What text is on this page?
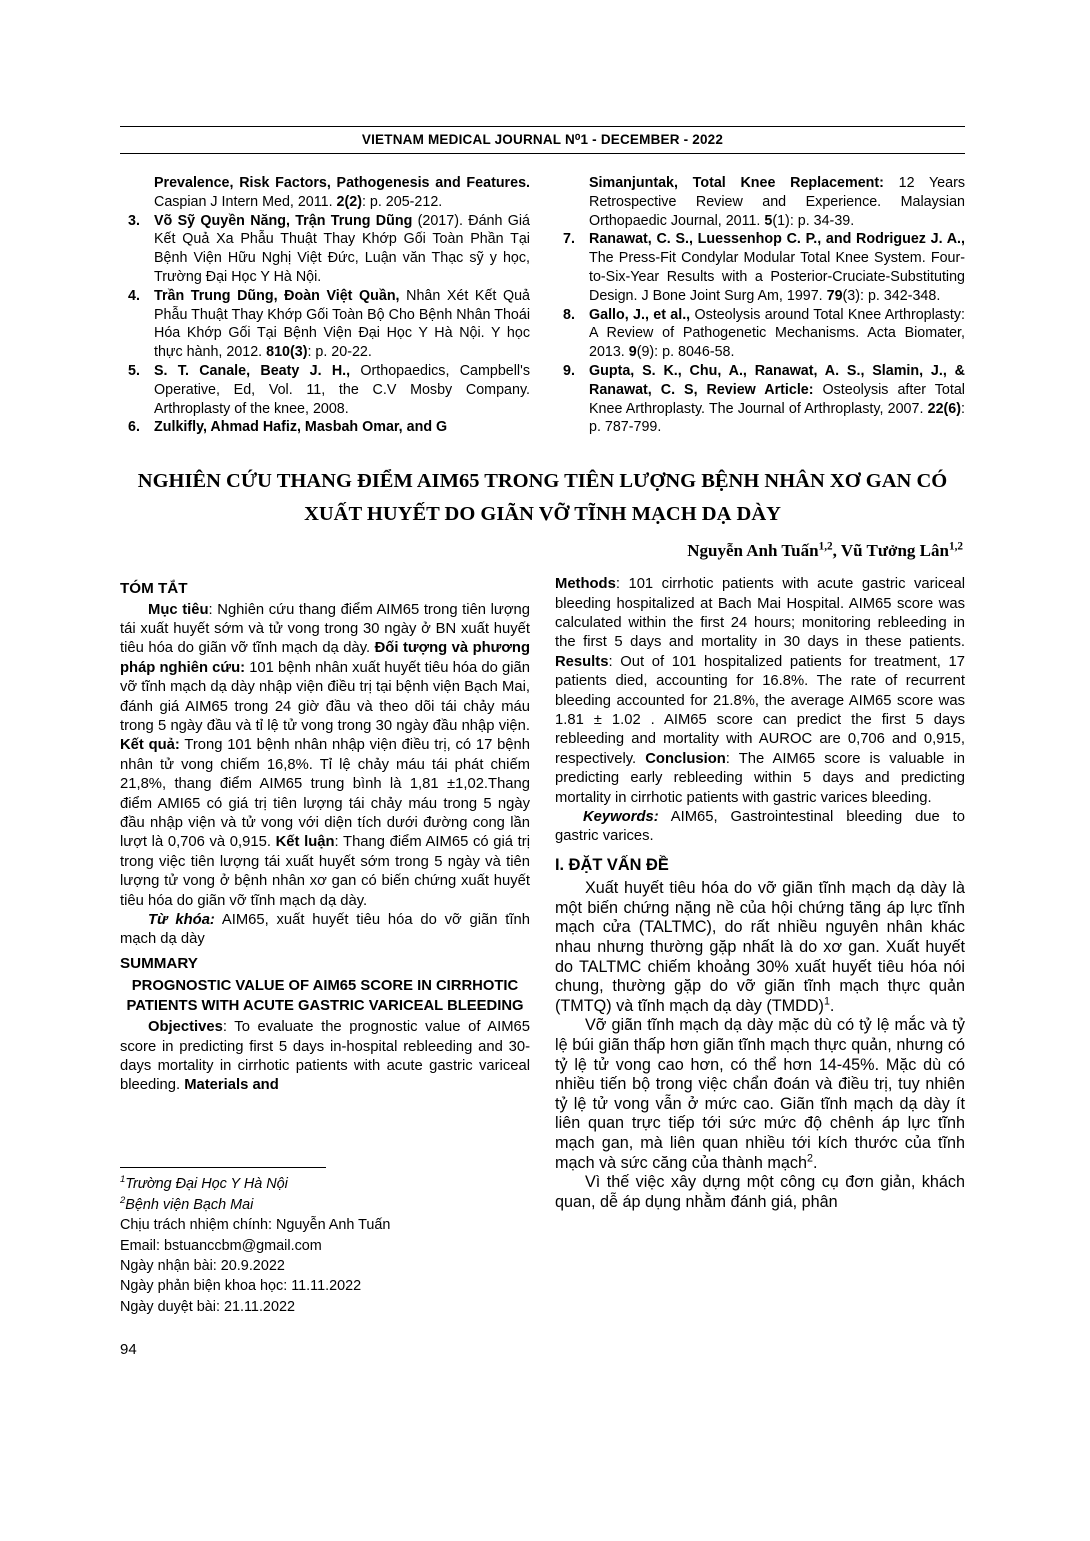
VIETNAM MEDICAL JOURNAL N⁰1 - DECEMBER - 2022
Prevalence, Risk Factors, Pathogenesis and Features. Caspian J Intern Med, 2011. 2(2): p. 205-212.
3. Võ Sỹ Quyền Năng, Trận Trung Dũng (2017). Đánh Giá Kết Quả Xa Phẫu Thuật Thay Khớp Gối Toàn Phần Tại Bệnh Viện Hữu Nghị Việt Đức, Luận văn Thạc sỹ y học, Trường Đại Học Y Hà Nội.
4. Trần Trung Dũng, Đoàn Việt Quần, Nhân Xét Kết Quả Phẫu Thuật Thay Khớp Gối Toàn Bộ Cho Bệnh Nhân Thoái Hóa Khớp Gối Tại Bệnh Viện Đại Học Y Hà Nội. Y học thực hành, 2012. 810(3): p. 20-22.
5. S. T. Canale, Beaty J. H., Orthopaedics, Campbell's Operative, Ed, Vol. 11, the C.V Mosby Company. Arthroplasty of the knee, 2008.
6. Zulkifly, Ahmad Hafiz, Masbah Omar, and G
Simanjuntak, Total Knee Replacement: 12 Years Retrospective Review and Experience. Malaysian Orthopaedic Journal, 2011. 5(1): p. 34-39.
7. Ranawat, C. S., Luessenhop C. P., and Rodriguez J. A., The Press-Fit Condylar Modular Total Knee System. Four-to-Six-Year Results with a Posterior-Cruciate-Substituting Design. J Bone Joint Surg Am, 1997. 79(3): p. 342-348.
8. Gallo, J., et al., Osteolysis around Total Knee Arthroplasty: A Review of Pathogenetic Mechanisms. Acta Biomater, 2013. 9(9): p. 8046-58.
9. Gupta, S. K., Chu, A., Ranawat, A. S., Slamin, J., & Ranawat, C. S, Review Article: Osteolysis after Total Knee Arthroplasty. The Journal of Arthroplasty, 2007. 22(6): p. 787-799.
NGHIÊN CỨU THANG ĐIỂM AIM65 TRONG TIÊN LƯỢNG BỆNH NHÂN XƠ GAN CÓ XUẤT HUYẾT DO GIÃN VỠ TĨNH MẠCH DẠ DÀY
Nguyễn Anh Tuấn$^{1,2}$, Vũ Tưởng Lân$^{1,2}$
TÓM TẮT

Mục tiêu: Nghiên cứu thang điểm AIM65 trong tiên lượng tái xuất huyết sớm và tử vong trong 30 ngày ở BN xuất huyết tiêu hóa do giãn vỡ tĩnh mạch dạ dày. Đối tượng và phương pháp nghiên cứu: 101 bệnh nhân xuất huyết tiêu hóa do giãn vỡ tĩnh mạch dạ dày nhập viện điều trị tại bệnh viện Bạch Mai, đánh giá AIM65 trong 24 giờ đầu và theo dõi tái chảy máu trong 5 ngày đầu và tỉ lệ tử vong trong 30 ngày đầu nhập viện. Kết quả: Trong 101 bệnh nhân nhập viện điều trị, có 17 bệnh nhân tử vong chiếm 16,8%. Tỉ lệ chảy máu tái phát chiếm 21,8%, thang điểm AIM65 trung bình là 1,81 ±1,02.Thang điểm AMI65 có giá trị tiên lượng tái chảy máu trong 5 ngày đầu nhập viện và tử vong với diện tích dưới đường cong lần lượt là 0,706 và 0,915. Kết luận: Thang điểm AIM65 có giá trị trong việc tiên lượng tái xuất huyết sớm trong 5 ngày và tiên lượng tử vong ở bệnh nhân xơ gan có biến chứng xuất huyết tiêu hóa do giãn vỡ tĩnh mạch dạ dày.

Từ khóa: AIM65, xuất huyết tiêu hóa do vỡ giãn tĩnh mạch dạ dày

SUMMARY
PROGNOSTIC VALUE OF AIM65 SCORE IN CIRRHOTIC PATIENTS WITH ACUTE GASTRIC VARICEAL BLEEDING

Objectives: To evaluate the prognostic value of AIM65 score in predicting first 5 days in-hospital rebleeding and 30-days mortality in cirrhotic patients with acute gastric variceal bleeding. Materials and

$^1$Trường Đại Học Y Hà Nội
$^2$Bệnh viện Bạch Mai
Chịu trách nhiệm chính: Nguyễn Anh Tuấn
Email: bstuanccbm@gmail.com
Ngày nhận bài: 20.9.2022
Ngày phản biện khoa học: 11.11.2022
Ngày duyệt bài: 21.11.2022

Methods: 101 cirrhotic patients with acute gastric variceal bleeding hospitalized at Bach Mai Hospital. AIM65 score was calculated within the first 24 hours; monitoring rebleeding in the first 5 days and mortality in 30 days in these patients. Results: Out of 101 hospitalized patients for treatment, 17 patients died, accounting for 16.8%. The rate of recurrent bleeding accounted for 21.8%, the average AIM65 score was 1.81 ± 1.02 . AIM65 score can predict the first 5 days rebleeding and mortality with AUROC are 0,706 and 0,915, respectively. Conclusion: The AIM65 score is valuable in predicting early rebleeding within 5 days and predicting mortality in cirrhotic patients with gastric varices bleeding.

Keywords: AIM65, Gastrointestinal bleeding due to gastric varices.

I. ĐẶT VẤN ĐỀ

Xuất huyết tiêu hóa do vỡ giãn tĩnh mạch dạ dày là một biến chứng nặng nề của hội chứng tăng áp lực tĩnh mạch cửa (TALTMC), do rất nhiều nguyên nhân khác nhau nhưng thường gặp nhất là do xơ gan. Xuất huyết do TALTMC chiếm khoảng 30% xuất huyết tiêu hóa nói chung, thường gặp do vỡ giãn tĩnh mạch thực quản (TMTQ) và tĩnh mạch dạ dày (TMDD)$^1$.

Vỡ giãn tĩnh mạch dạ dày mặc dù có tỷ lệ mắc và tỷ lệ búi giãn thấp hơn giãn tĩnh mạch thực quản, nhưng có tỷ lệ tử vong cao hơn, có thể hơn 14-45%. Mặc dù có nhiều tiến bộ trong việc chẩn đoán và điều trị, tuy nhiên tỷ lệ tử vong vẫn ở mức cao. Giãn tĩnh mạch dạ dày ít liên quan trực tiếp tới sức mức độ chênh áp lực tĩnh mạch gan, mà liên quan nhiều tới kích thước của tĩnh mạch và sức căng của thành mạch$^2$.

Vì thế việc xây dựng một công cụ đơn giản, khách quan, dễ áp dụng nhằm đánh giá, phân

94
